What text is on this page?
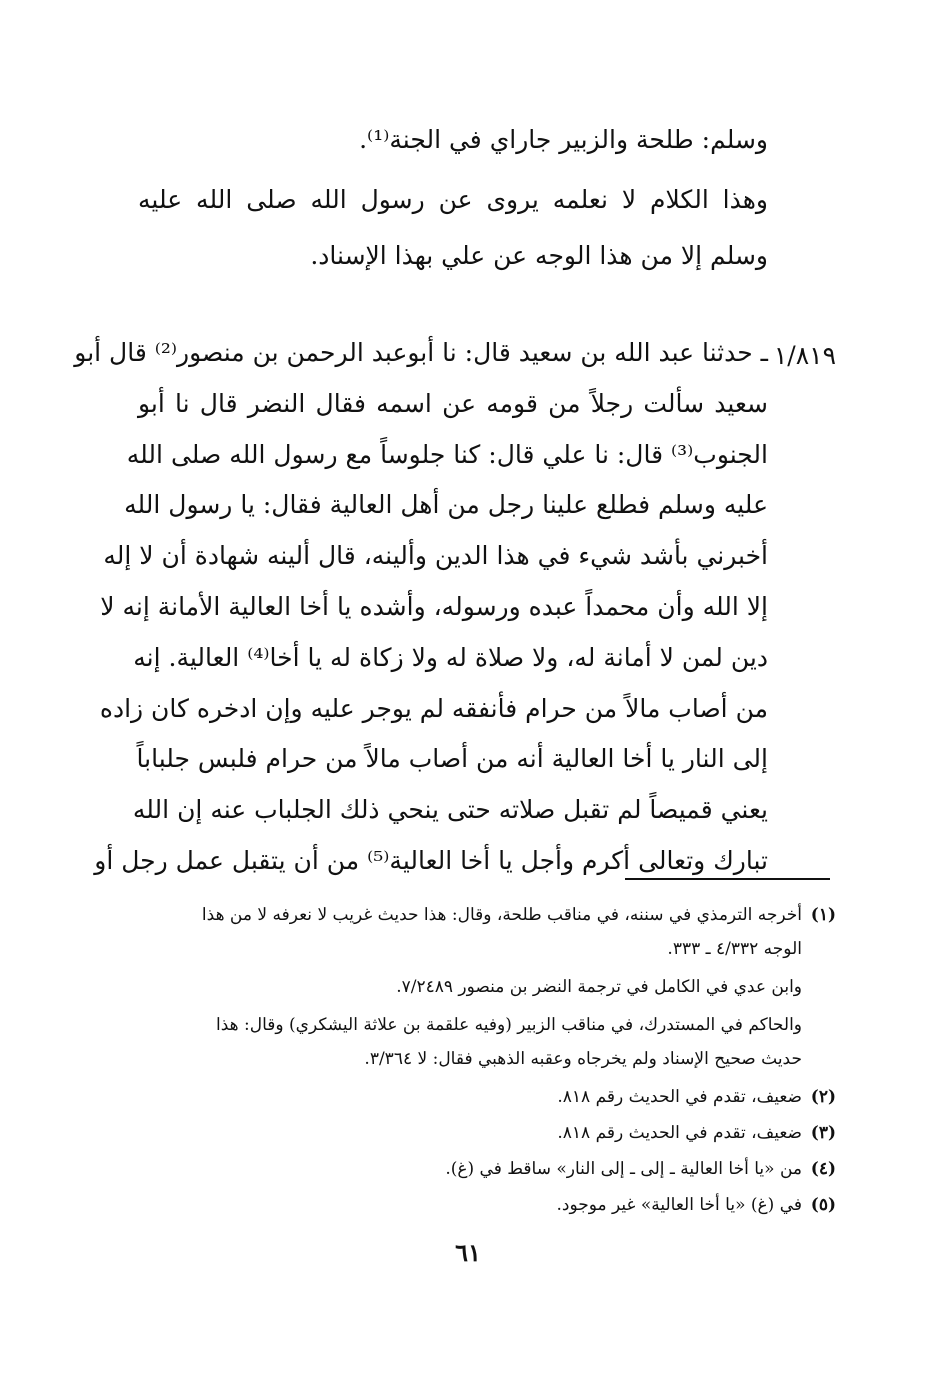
وسلم: طلحة والزبير جاراي في الجنة⁽¹⁾.
وهذا الكلام لا نعلمه يروى عن رسول الله صلى الله عليه
وسلم إلا من هذا الوجه عن علي بهذا الإسناد.
١/٨١٩
ـ حدثنا عبد الله بن سعيد قال: نا أبوعبد الرحمن بن منصور⁽²⁾ قال أبو
سعيد سألت رجلاً من قومه عن اسمه فقال النضر قال نا أبو
الجنوب⁽³⁾ قال: نا علي قال: كنا جلوساً مع رسول الله صلى الله
عليه وسلم فطلع علينا رجل من أهل العالية فقال: يا رسول الله
أخبرني بأشد شيء في هذا الدين وألينه، قال ألينه شهادة أن لا إله
إلا الله وأن محمداً عبده ورسوله، وأشده يا أخا العالية الأمانة إنه لا
دين لمن لا أمانة له، ولا صلاة له ولا زكاة له يا أخا⁽⁴⁾ العالية. إنه
من أصاب مالاً من حرام فأنفقه لم يوجر عليه وإن ادخره كان زاده
إلى النار يا أخا العالية أنه من أصاب مالاً من حرام فلبس جلباباً
يعني قميصاً لم تقبل صلاته حتى ينحي ذلك الجلباب عنه إن الله
(١)أخرجه الترمذي في سننه، في مناقب طلحة، وقال: هذا حديث غريب لا نعرفه لا من هذا
الوجه ٤/٣٣٢ ـ ٣٣٣.
وابن عدي في الكامل في ترجمة النضر بن منصور ٧/٢٤٨٩.
والحاكم في المستدرك، في مناقب الزبير (وفيه علقمة بن علاثة اليشكري) وقال: هذا
حديث صحيح الإسناد ولم يخرجاه وعقبه الذهبي فقال: لا ٣/٣٦٤.
(٢)ضعيف، تقدم في الحديث رقم ٨١٨.
(٣)ضعيف، تقدم في الحديث رقم ٨١٨.
(٤)من «يا أخا العالية ـ إلى ـ إلى النار» ساقط في (غ).
(٥)في (غ) «يا أخا العالية» غير موجود.
٦١
تبارك وتعالى أكرم وأجل يا أخا العالية⁽⁵⁾ من أن يتقبل عمل رجل أو
